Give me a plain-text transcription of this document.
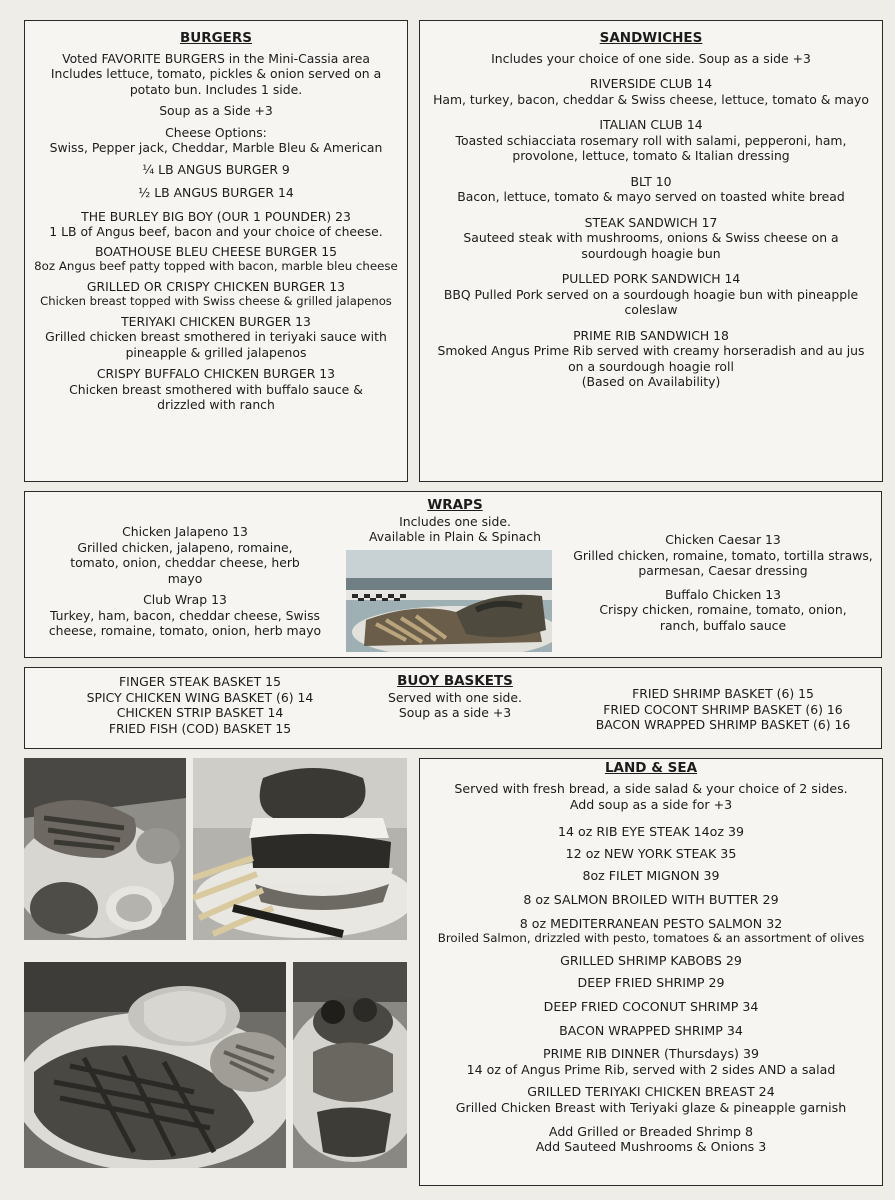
BURGERS
Voted FAVORITE BURGERS in the Mini-Cassia area Includes lettuce, tomato, pickles & onion served on a potato bun. Includes 1 side.
Soup as a Side +3
Cheese Options:
Swiss, Pepper jack, Cheddar, Marble Bleu & American
¼ LB ANGUS BURGER 9
½ LB ANGUS BURGER 14
THE BURLEY BIG BOY (OUR 1 POUNDER) 23
1 LB of Angus beef, bacon and your choice of cheese.
BOATHOUSE BLEU CHEESE BURGER 15
8oz Angus beef patty topped with bacon, marble bleu cheese
GRILLED OR CRISPY CHICKEN BURGER 13
Chicken breast topped with Swiss cheese & grilled jalapenos
TERIYAKI CHICKEN BURGER 13
Grilled chicken breast smothered in teriyaki sauce with pineapple & grilled jalapenos
CRISPY BUFFALO CHICKEN BURGER 13
Chicken breast smothered with buffalo sauce & drizzled with ranch
SANDWICHES
Includes your choice of one side. Soup as a side +3
RIVERSIDE CLUB 14
Ham, turkey, bacon, cheddar & Swiss cheese, lettuce, tomato & mayo
ITALIAN CLUB 14
Toasted schiacciata rosemary roll with salami, pepperoni, ham, provolone, lettuce, tomato & Italian dressing
BLT 10
Bacon, lettuce, tomato & mayo served on toasted white bread
STEAK SANDWICH 17
Sauteed steak with mushrooms, onions & Swiss cheese on a sourdough hoagie bun
PULLED PORK SANDWICH 14
BBQ Pulled Pork served on a sourdough hoagie bun with pineapple coleslaw
PRIME RIB SANDWICH 18
Smoked Angus Prime Rib served with creamy horseradish and au jus on a sourdough hoagie roll
(Based on Availability)
Chicken Jalapeno 13
Grilled chicken, jalapeno, romaine, tomato, onion, cheddar cheese, herb mayo
Club Wrap 13
Turkey, ham, bacon, cheddar cheese, Swiss cheese, romaine, tomato, onion, herb mayo
WRAPS
Includes one side.
Available in Plain & Spinach	Chicken Caesar 13
Grilled chicken, romaine, tomato, tortilla straws, parmesan, Caesar dressing
Buffalo Chicken 13
Crispy chicken, romaine, tomato, onion, ranch, buffalo sauce
FINGER STEAK BASKET 15
SPICY CHICKEN WING BASKET (6) 14
CHICKEN STRIP BASKET 14
FRIED FISH (COD) BASKET 15
BUOY BASKETS
Served with one side.
Soup as a side +3
FRIED SHRIMP BASKET (6) 15
FRIED COCONT SHRIMP BASKET (6) 16
BACON WRAPPED SHRIMP BASKET (6) 16
LAND & SEA
Served with fresh bread, a side salad & your choice of 2 sides.
Add soup as a side for +3
14 oz RIB EYE STEAK 14oz 39
12 oz NEW YORK STEAK 35
8oz FILET MIGNON 39
8 oz SALMON BROILED WITH BUTTER 29
8 oz MEDITERRANEAN PESTO SALMON 32
Broiled Salmon, drizzled with pesto, tomatoes & an assortment of olives
GRILLED SHRIMP KABOBS 29
DEEP FRIED SHRIMP 29
DEEP FRIED COCONUT SHRIMP 34
BACON WRAPPED SHRIMP 34
PRIME RIB DINNER (Thursdays) 39
14 oz of Angus Prime Rib, served with 2 sides AND a salad
GRILLED TERIYAKI CHICKEN BREAST 24
Grilled Chicken Breast with Teriyaki glaze & pineapple garnish
Add Grilled or Breaded Shrimp 8
Add Sauteed Mushrooms & Onions 3
